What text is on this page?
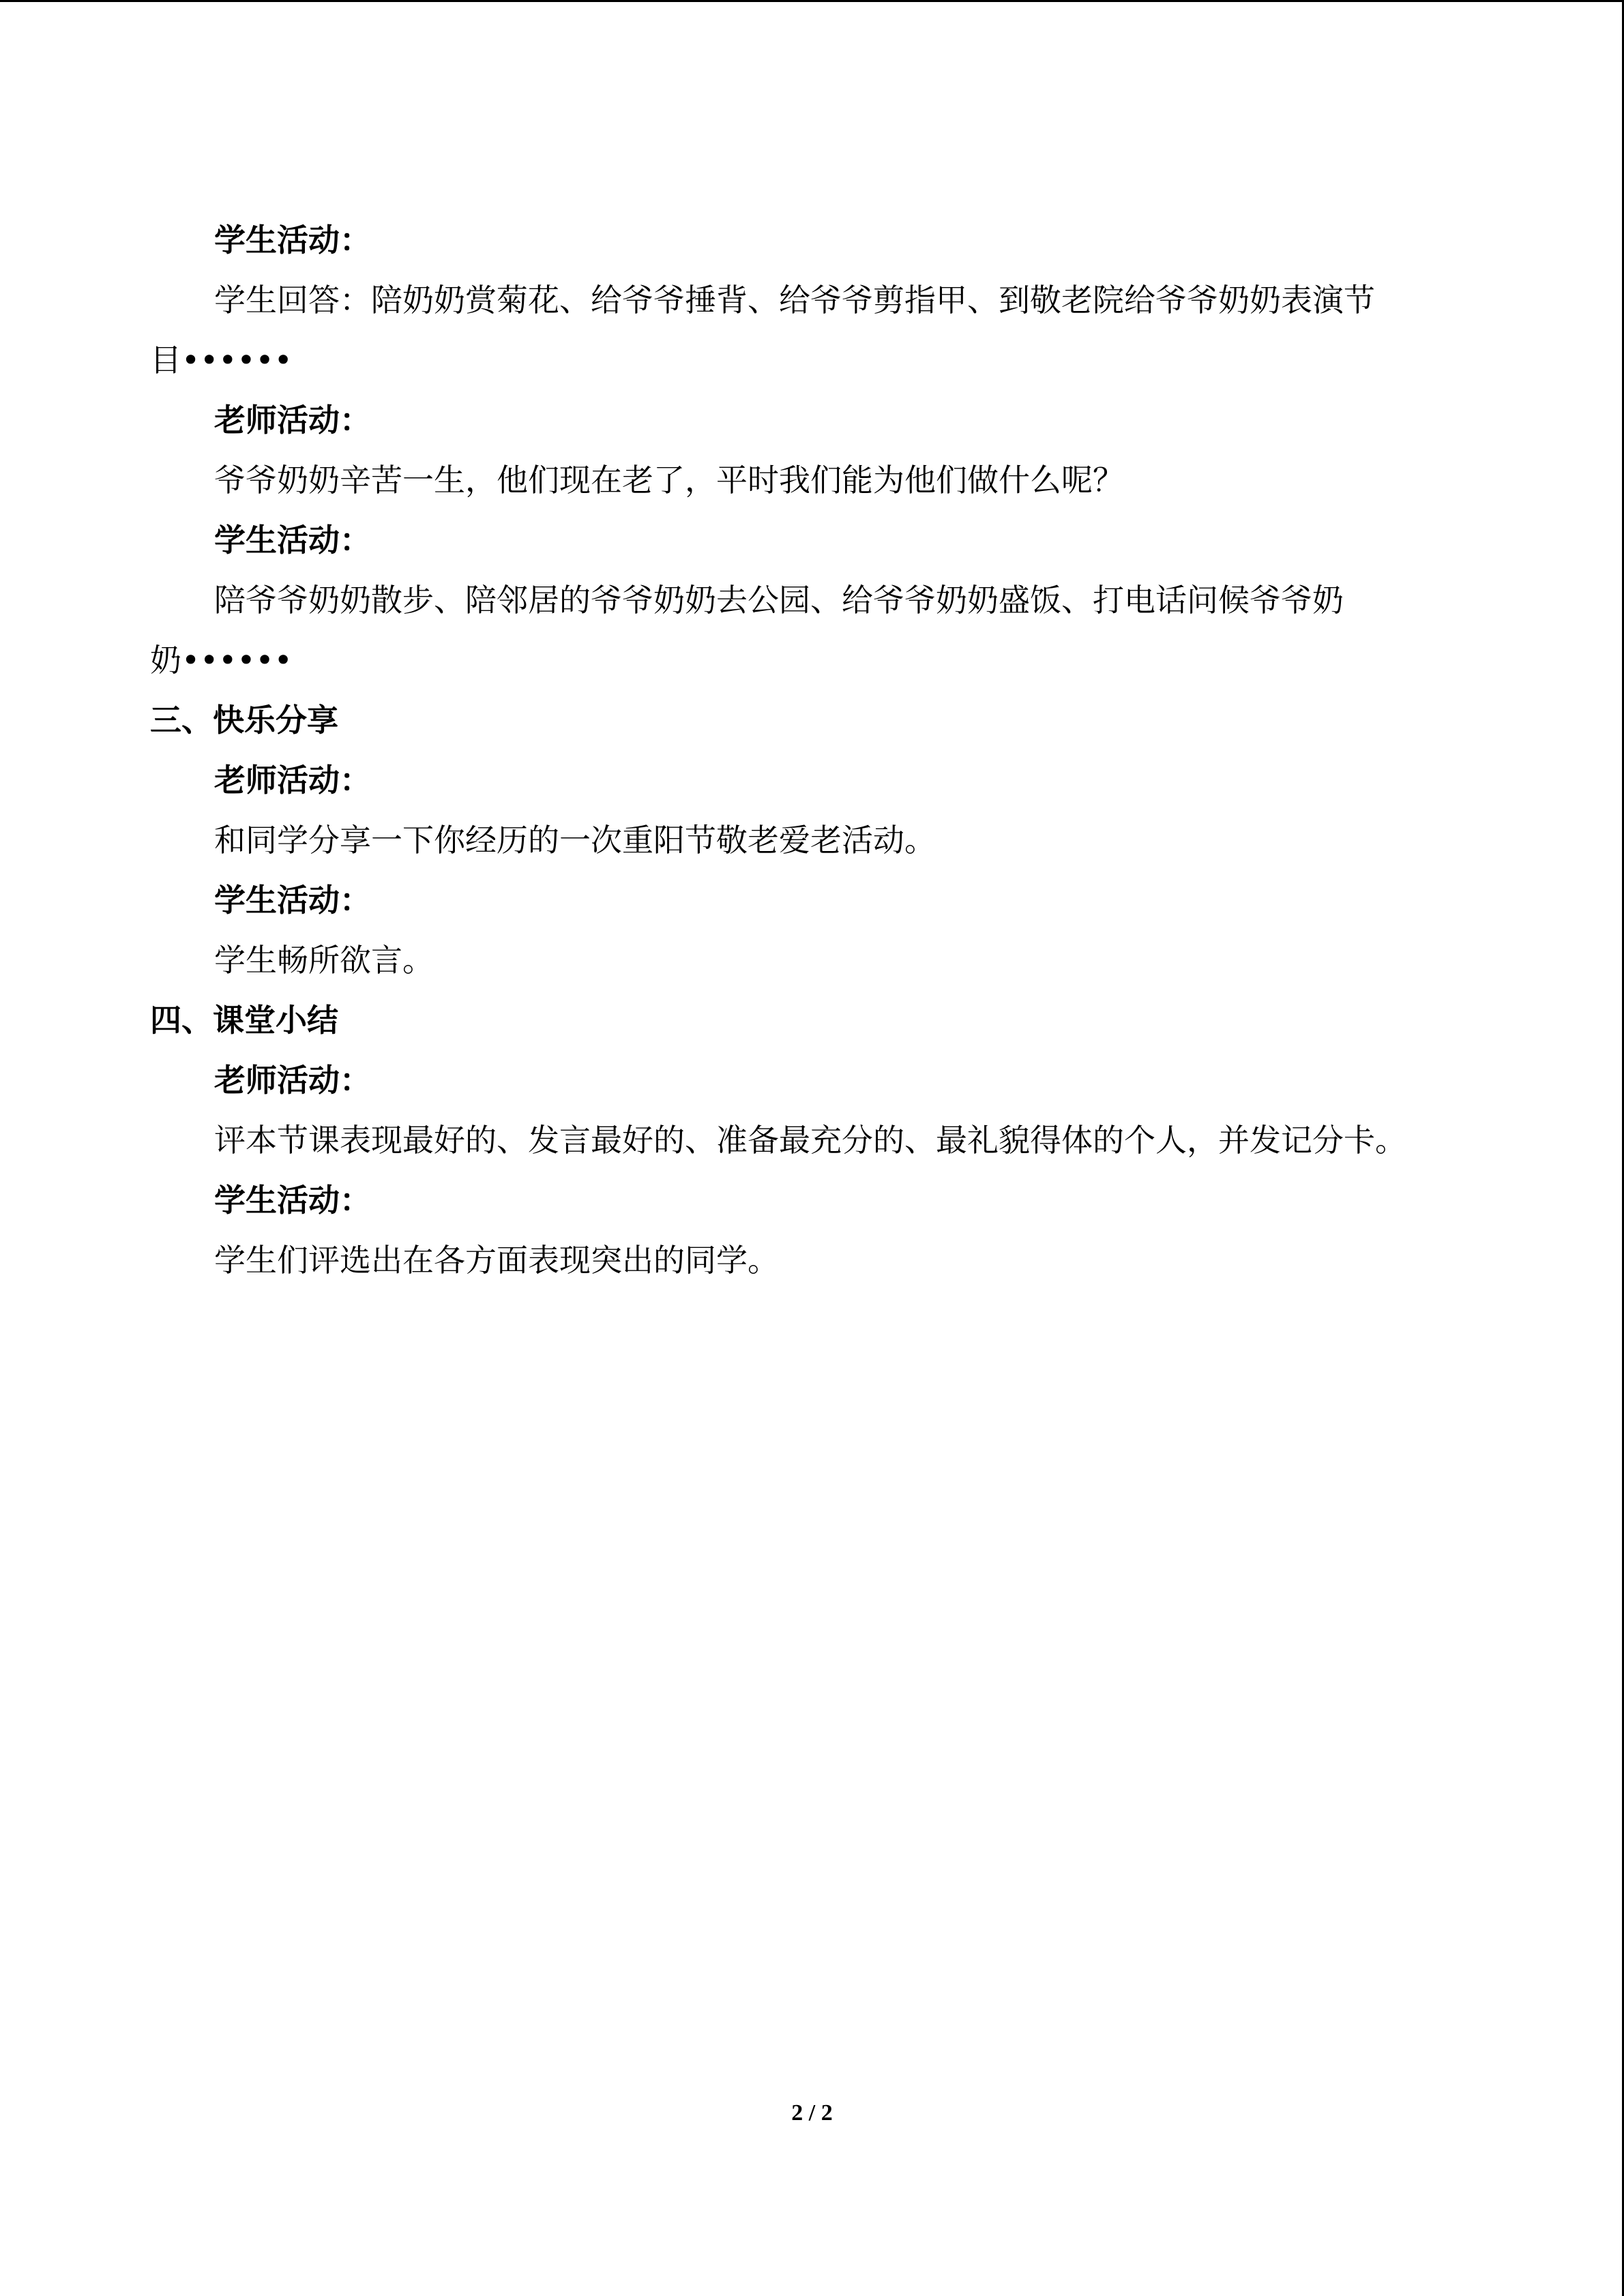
学生活动：
学生回答：陪奶奶赏菊花、给爷爷捶背、给爷爷剪指甲、到敬老院给爷爷奶奶表演节
目••••••
老师活动：
爷爷奶奶辛苦一生，他们现在老了，平时我们能为他们做什么呢？
学生活动：
陪爷爷奶奶散步、陪邻居的爷爷奶奶去公园、给爷爷奶奶盛饭、打电话问候爷爷奶
奶••••••
三、快乐分享
老师活动：
和同学分享一下你经历的一次重阳节敬老爱老活动。
学生活动：
学生畅所欲言。
四、课堂小结
老师活动：
评本节课表现最好的、发言最好的、准备最充分的、最礼貌得体的个人，并发记分卡。
学生活动：
学生们评选出在各方面表现突出的同学。
2 / 2
